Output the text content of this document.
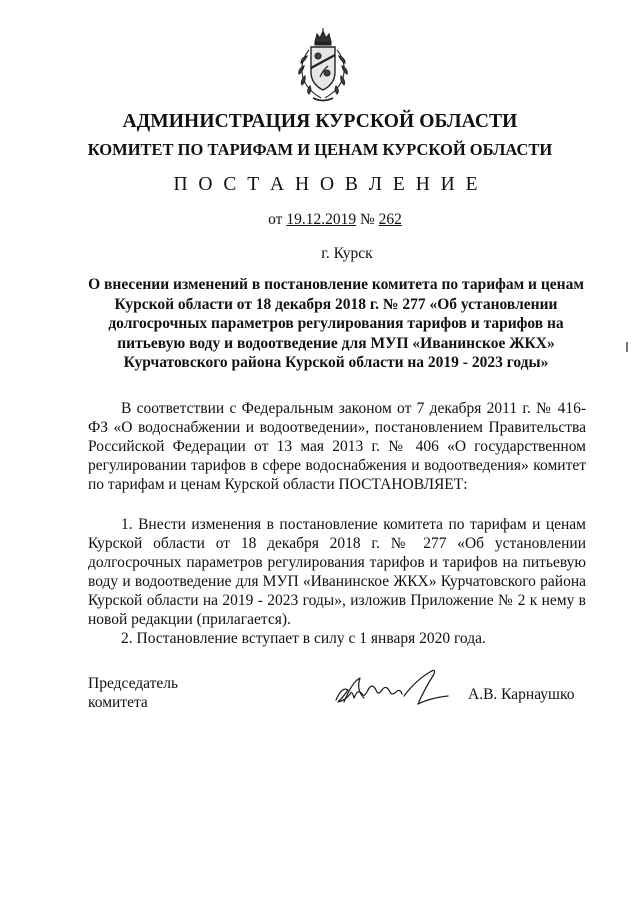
АДМИНИСТРАЦИЯ КУРСКОЙ ОБЛАСТИ
КОМИТЕТ ПО ТАРИФАМ И ЦЕНАМ КУРСКОЙ ОБЛАСТИ
П О С Т А Н О В Л Е Н И Е
от 19.12.2019 № 262
г. Курск
О внесении изменений в постановление комитета по тарифам и ценам Курской области от 18 декабря 2018 г. № 277 «Об установлении долгосрочных параметров регулирования тарифов и тарифов на питьевую воду и водоотведение для МУП «Иванинское ЖКХ» Курчатовского района Курской области на 2019 - 2023 годы»

В соответствии с Федеральным законом от 7 декабря 2011 г. № 416-ФЗ «О водоснабжении и водоотведении», постановлением Правительства Российской Федерации от 13 мая 2013 г. № 406 «О государственном регулировании тарифов в сфере водоснабжения и водоотведения» комитет по тарифам и ценам Курской области ПОСТАНОВЛЯЕТ:

1. Внести изменения в постановление комитета по тарифам и ценам Курской области от 18 декабря 2018 г. № 277 «Об установлении долгосрочных параметров регулирования тарифов и тарифов на питьевую воду и водоотведение для МУП «Иванинское ЖКХ» Курчатовского района Курской области на 2019 - 2023 годы», изложив Приложение № 2 к нему в новой редакции (прилагается).

2. Постановление вступает в силу с 1 января 2020 года.

Председатель
комитета	А.В. Карнаушко
